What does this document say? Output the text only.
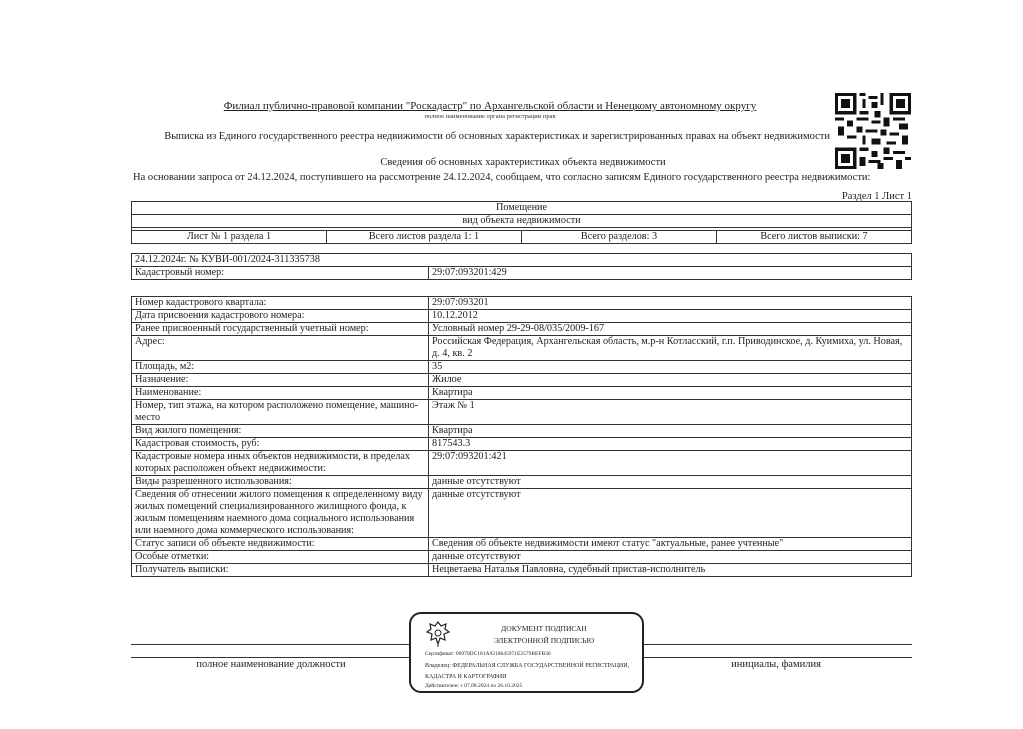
Филиал публично-правовой компании "Роскадастр" по Архангельской области и Ненецкому автономному округу
полное наименование органа регистрации прав
Выписка из Единого государственного реестра недвижимости об основных характеристиках и зарегистрированных правах на объект недвижимости
Сведения об основных характеристиках объекта недвижимости
На основании запроса от 24.12.2024, поступившего на рассмотрение 24.12.2024, сообщаем, что согласно записям Единого государственного реестра недвижимости:
Раздел 1 Лист 1
Помещение
вид объекта недвижимости

Лист № 1 раздела 1	Всего листов раздела 1: 1	Всего разделов: 3	Всего листов выписки: 7
24.12.2024г. № КУВИ-001/2024-311335738
Кадастровый номер:	29:07:093201:429
Номер кадастрового квартала:	29:07:093201
Дата присвоения кадастрового номера:	10.12.2012
Ранее присвоенный государственный учетный номер:	Условный номер 29-29-08/035/2009-167
Адрес:	Российская Федерация, Архангельская область, м.р-н Котласский, г.п. Приводинское, д. Куимиха, ул. Новая, д. 4, кв. 2
Площадь, м2:	35
Назначение:	Жилое
Наименование:	Квартира
Номер, тип этажа, на котором расположено помещение, машино-место	Этаж № 1
Вид жилого помещения:	Квартира
Кадастровая стоимость, руб:	817543.3
Кадастровые номера иных объектов недвижимости, в пределах которых расположен объект недвижимости:	29:07:093201:421
Виды разрешенного использования:	данные отсутствуют
Сведения об отнесении жилого помещения к определенному виду жилых помещений специализированного жилищного фонда, к жилым помещениям наемного дома социального использования или наемного дома коммерческого использования:	данные отсутствуют
Статус записи об объекте недвижимости:	Сведения об объекте недвижимости имеют статус "актуальные, ранее учтенные"
Особые отметки:	данные отсутствуют
Получатель выписки:	Нецветаева Наталья Павловна, судебный пристав-исполнитель

полное наименование должности	инициалы, фамилия
ДОКУМЕНТ ПОДПИСАН
ЭЛЕКТРОННОЙ ПОДПИСЬЮ
Сертификат: 00970DC181A9218645971E2579BEFB30
Владелец: ФЕДЕРАЛЬНАЯ СЛУЖБА ГОСУДАРСТВЕННОЙ РЕГИСТРАЦИИ, КАДАСТРА И КАРТОГРАФИИ
Действителен: с 07.08.2024 по 26.10.2025
